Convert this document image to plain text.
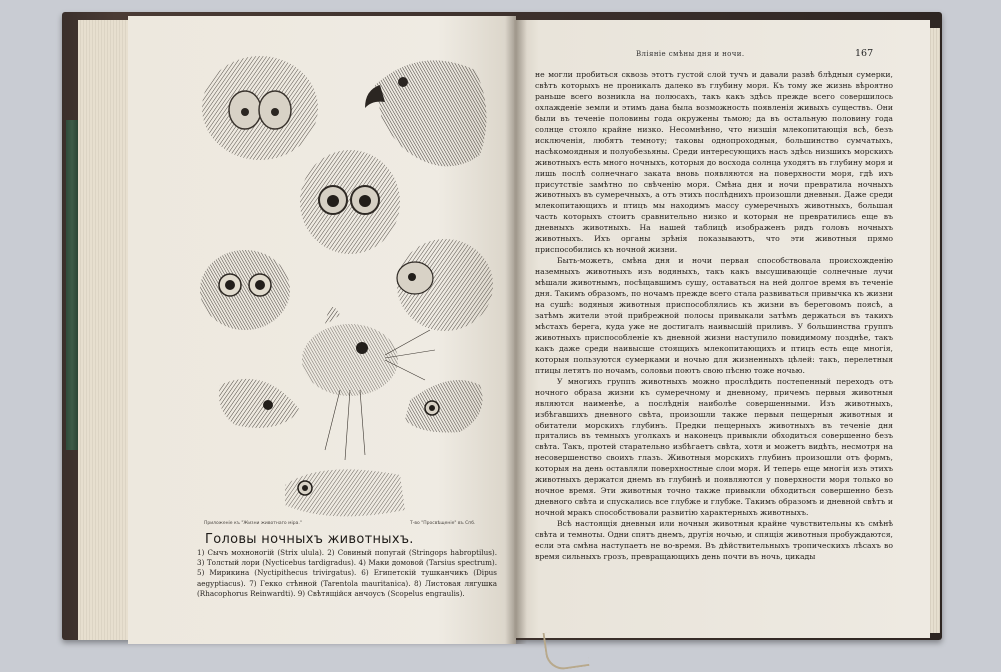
Приложеніе къ "Жизни животнаго міра."	Т-во "Просвѣщеніе" въ Спб.
Головы ночныхъ животныхъ.
1) Сычъ мохноногій (Strix ulula). 2) Совиный попугай (Stringops habroptilus). 3) Толстый лори (Nycticebus tardigradus). 4) Маки домовой (Tarsius spectrum). 5) Мирикина (Nyctipithecus trivirgatus). 6) Египетскій тушканчикъ (Dipus aegyptiacus). 7) Гекко стѣнной (Tarentola mauritanica). 8) Листовая лягушка (Rhacophorus Reinwardti). 9) Свѣтящійся анчоусъ (Scopelus engraulis).
Вліяніе смѣны дня и ночи.	167

не могли пробиться сквозь этотъ густой слой тучъ и давали развѣ блѣдныя сумерки, свѣтъ которыхъ не проникалъ далеко въ глубину моря. Къ тому же жизнь вѣроятно раньше всего возникла на полюсахъ, такъ какъ здѣсь прежде всего совершилось охлажденіе земли и этимъ дана была возможность появленія живыхъ существъ. Они были въ теченіе половины года окружены тьмою; да въ остальную половину года солнце стояло крайне низко. Несомнѣнно, что низшія млекопитающія всѣ, безъ исключенія, любятъ темноту; таковы однопроходныя, большинство сумчатыхъ, насѣкомоядныя и полуобезьяны. Среди интересующихъ насъ здѣсь низшихъ морскихъ животныхъ есть много ночныхъ, которыя до восхода солнца уходятъ въ глубину моря и лишь послѣ солнечнаго заката вновь появляются на поверхности моря, гдѣ ихъ присутствіе замѣтно по свѣченію моря. Смѣна дня и ночи превратила ночныхъ животныхъ въ сумеречныхъ, а отъ этихъ послѣднихъ произошли дневныя. Даже среди млекопитающихъ и птицъ мы находимъ массу сумеречныхъ животныхъ, большая часть которыхъ стоитъ сравнительно низко и которыя не превратились еще въ дневныхъ животныхъ. На нашей таблицѣ изображенъ рядъ головъ ночныхъ животныхъ. Ихъ органы зрѣнія показываютъ, что эти животныя прямо приспособились къ ночной жизни.

Быть-можетъ, смѣна дня и ночи первая способствовала происхожденію наземныхъ животныхъ изъ водяныхъ, такъ какъ высушивающіе солнечные лучи мѣшали животнымъ, посѣщавшимъ сушу, оставаться на ней долгое время въ теченіе дня. Такимъ образомъ, по ночамъ прежде всего стала развиваться привычка къ жизни на сушѣ: водяныя животныя приспособлялись къ жизни въ береговомъ поясѣ, а затѣмъ жители этой прибрежной полосы привыкали затѣмъ держаться въ такихъ мѣстахъ берега, куда уже не достигалъ наивысшій приливъ. У большинства группъ животныхъ приспособленіе къ дневной жизни наступило повидимому позднѣе, такъ какъ даже среди наивысше стоящихъ млекопитающихъ и птицъ есть еще многія, которыя пользуются сумерками и ночью для жизненныхъ цѣлей: такъ, перелетныя птицы летятъ по ночамъ, соловьи поютъ свою пѣсню тоже ночью.

У многихъ группъ животныхъ можно прослѣдить постепенный переходъ отъ ночного образа жизни къ сумеречному и дневному, причемъ первыя животныя являются наименѣе, а послѣднія наиболѣе совершенными. Изъ животныхъ, избѣгавшихъ дневного свѣта, произошли также первыя пещерныя животныя и обитатели морскихъ глубинъ. Предки пещерныхъ животныхъ въ теченіе дня прятались въ темныхъ уголкахъ и наконецъ привыкли обходиться совершенно безъ свѣта. Такъ, протей старательно избѣгаетъ свѣта, хотя и можетъ видѣть, несмотря на несовершенство своихъ глазъ. Животныя морскихъ глубинъ произошли отъ формъ, которыя на день оставляли поверхностные слои моря. И теперь еще многія изъ этихъ животныхъ держатся днемъ въ глубинѣ и появляются у поверхности моря только во ночное время. Эти животныя точно также привыкли обходиться совершенно безъ дневного свѣта и спускались все глубже и глубже. Такимъ образомъ и дневной свѣтъ и ночной мракъ способствовали развитію характерныхъ животныхъ.

Всѣ настоящія дневныя или ночныя животныя крайне чувствительны къ смѣнѣ свѣта и темноты. Одни спятъ днемъ, другія ночью, и спящія животныя пробуждаются, если эта смѣна наступаетъ не во-время. Въ дѣйствительныхъ тропическихъ лѣсахъ во время сильныхъ грозъ, превращающихъ день почти въ ночь, цикады
